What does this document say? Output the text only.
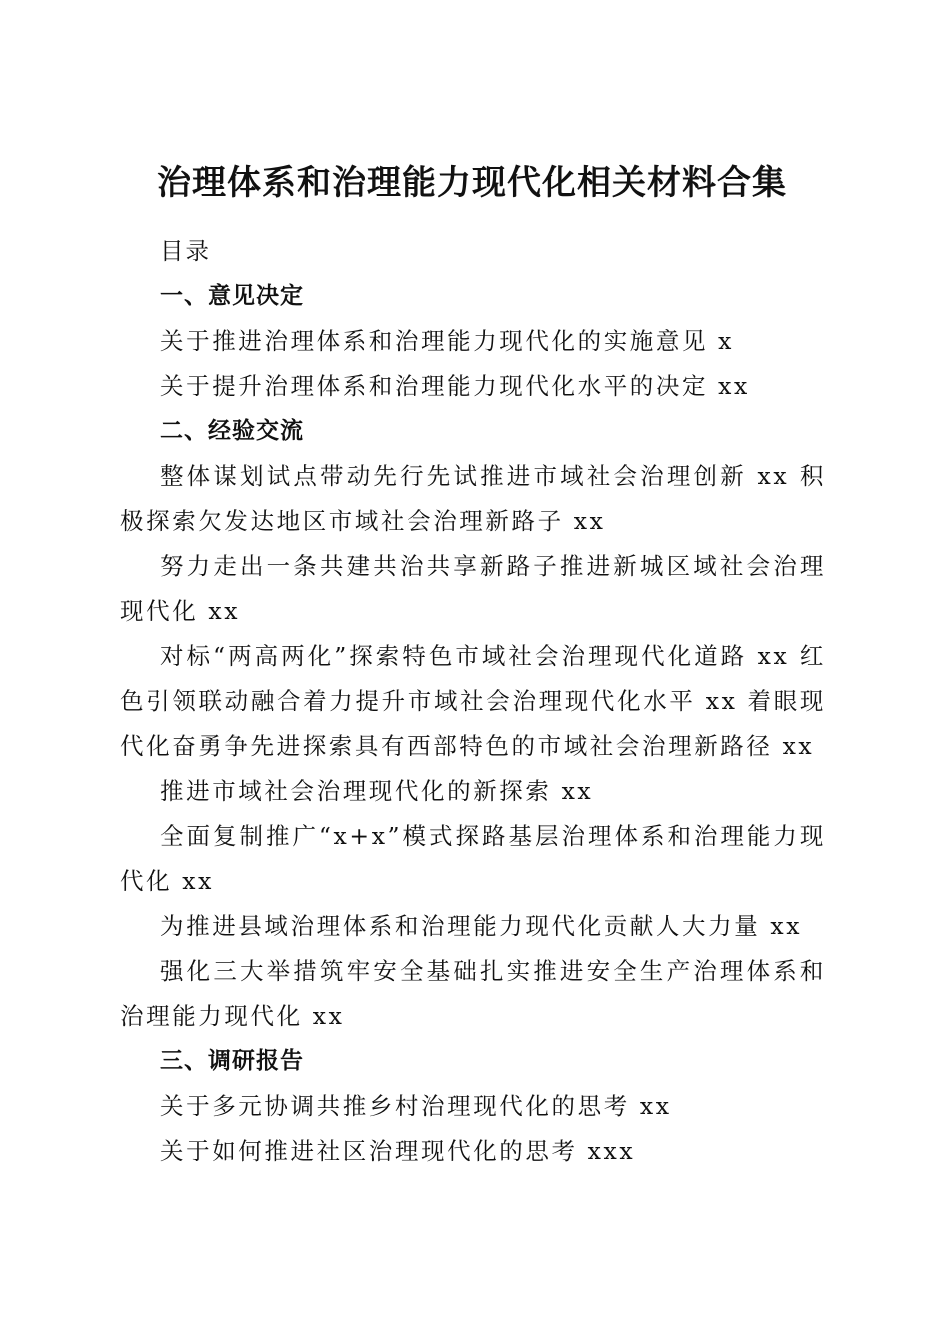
治理体系和治理能力现代化相关材料合集

目录

一、意见决定

关于推进治理体系和治理能力现代化的实施意见 x

关于提升治理体系和治理能力现代化水平的决定 xx

二、经验交流

整体谋划试点带动先行先试推进市域社会治理创新 xx 积极探索欠发达地区市域社会治理新路子 xx

努力走出一条共建共治共享新路子推进新城区域社会治理现代化 xx

对标“两高两化”探索特色市域社会治理现代化道路 xx 红色引领联动融合着力提升市域社会治理现代化水平 xx 着眼现代化奋勇争先进探索具有西部特色的市域社会治理新路径 xx

推进市域社会治理现代化的新探索 xx

全面复制推广“x+x”模式探路基层治理体系和治理能力现代化 xx

为推进县域治理体系和治理能力现代化贡献人大力量 xx

强化三大举措筑牢安全基础扎实推进安全生产治理体系和治理能力现代化 xx

三、调研报告

关于多元协调共推乡村治理现代化的思考 xx

关于如何推进社区治理现代化的思考 xxx
